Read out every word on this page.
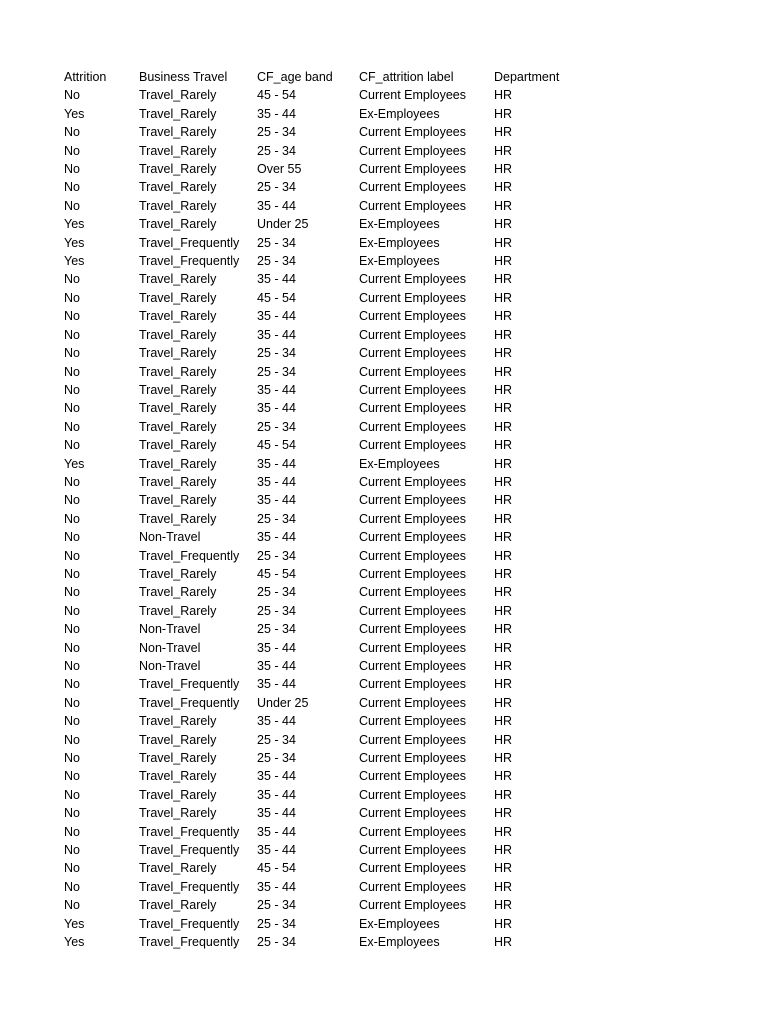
Attrition	Business Travel	CF_age band	CF_attrition label	Department
No	Travel_Rarely	45 - 54	Current Employees	HR
Yes	Travel_Rarely	35 - 44	Ex-Employees	HR
No	Travel_Rarely	25 - 34	Current Employees	HR
No	Travel_Rarely	25 - 34	Current Employees	HR
No	Travel_Rarely	Over 55	Current Employees	HR
No	Travel_Rarely	25 - 34	Current Employees	HR
No	Travel_Rarely	35 - 44	Current Employees	HR
Yes	Travel_Rarely	Under 25	Ex-Employees	HR
Yes	Travel_Frequently	25 - 34	Ex-Employees	HR
Yes	Travel_Frequently	25 - 34	Ex-Employees	HR
No	Travel_Rarely	35 - 44	Current Employees	HR
No	Travel_Rarely	45 - 54	Current Employees	HR
No	Travel_Rarely	35 - 44	Current Employees	HR
No	Travel_Rarely	35 - 44	Current Employees	HR
No	Travel_Rarely	25 - 34	Current Employees	HR
No	Travel_Rarely	25 - 34	Current Employees	HR
No	Travel_Rarely	35 - 44	Current Employees	HR
No	Travel_Rarely	35 - 44	Current Employees	HR
No	Travel_Rarely	25 - 34	Current Employees	HR
No	Travel_Rarely	45 - 54	Current Employees	HR
Yes	Travel_Rarely	35 - 44	Ex-Employees	HR
No	Travel_Rarely	35 - 44	Current Employees	HR
No	Travel_Rarely	35 - 44	Current Employees	HR
No	Travel_Rarely	25 - 34	Current Employees	HR
No	Non-Travel	35 - 44	Current Employees	HR
No	Travel_Frequently	25 - 34	Current Employees	HR
No	Travel_Rarely	45 - 54	Current Employees	HR
No	Travel_Rarely	25 - 34	Current Employees	HR
No	Travel_Rarely	25 - 34	Current Employees	HR
No	Non-Travel	25 - 34	Current Employees	HR
No	Non-Travel	35 - 44	Current Employees	HR
No	Non-Travel	35 - 44	Current Employees	HR
No	Travel_Frequently	35 - 44	Current Employees	HR
No	Travel_Frequently	Under 25	Current Employees	HR
No	Travel_Rarely	35 - 44	Current Employees	HR
No	Travel_Rarely	25 - 34	Current Employees	HR
No	Travel_Rarely	25 - 34	Current Employees	HR
No	Travel_Rarely	35 - 44	Current Employees	HR
No	Travel_Rarely	35 - 44	Current Employees	HR
No	Travel_Rarely	35 - 44	Current Employees	HR
No	Travel_Frequently	35 - 44	Current Employees	HR
No	Travel_Frequently	35 - 44	Current Employees	HR
No	Travel_Rarely	45 - 54	Current Employees	HR
No	Travel_Frequently	35 - 44	Current Employees	HR
No	Travel_Rarely	25 - 34	Current Employees	HR
Yes	Travel_Frequently	25 - 34	Ex-Employees	HR
Yes	Travel_Frequently	25 - 34	Ex-Employees	HR
